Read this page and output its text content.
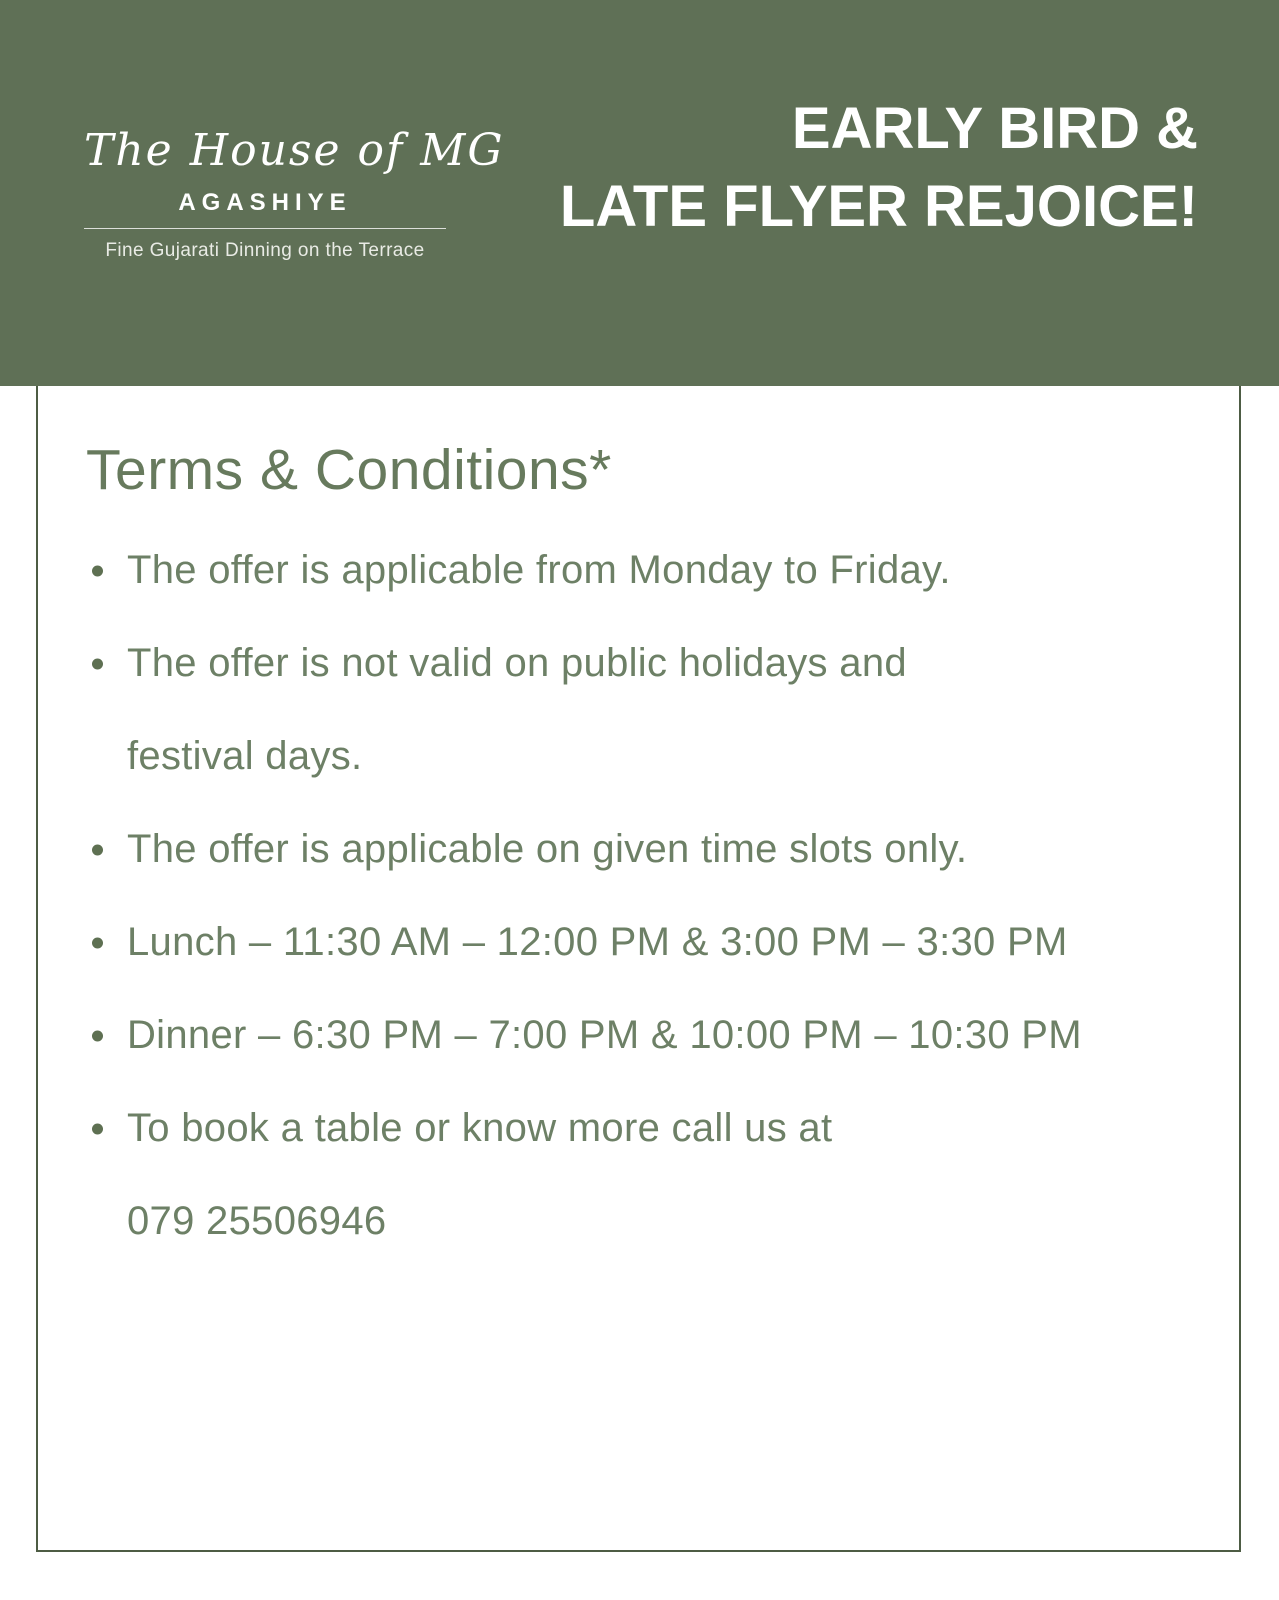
The House of MG
AGASHIYE
Fine Gujarati Dinning on the Terrace
EARLY BIRD &
LATE FLYER REJOICE!
Terms & Conditions*
The offer is applicable from Monday to Friday.
The offer is not valid on public holidays and
festival days.
The offer is applicable on given time slots only.
Lunch – 11:30 AM – 12:00 PM & 3:00 PM – 3:30 PM
Dinner – 6:30 PM – 7:00 PM & 10:00 PM – 10:30 PM
To book a table or know more call us at
079 25506946
